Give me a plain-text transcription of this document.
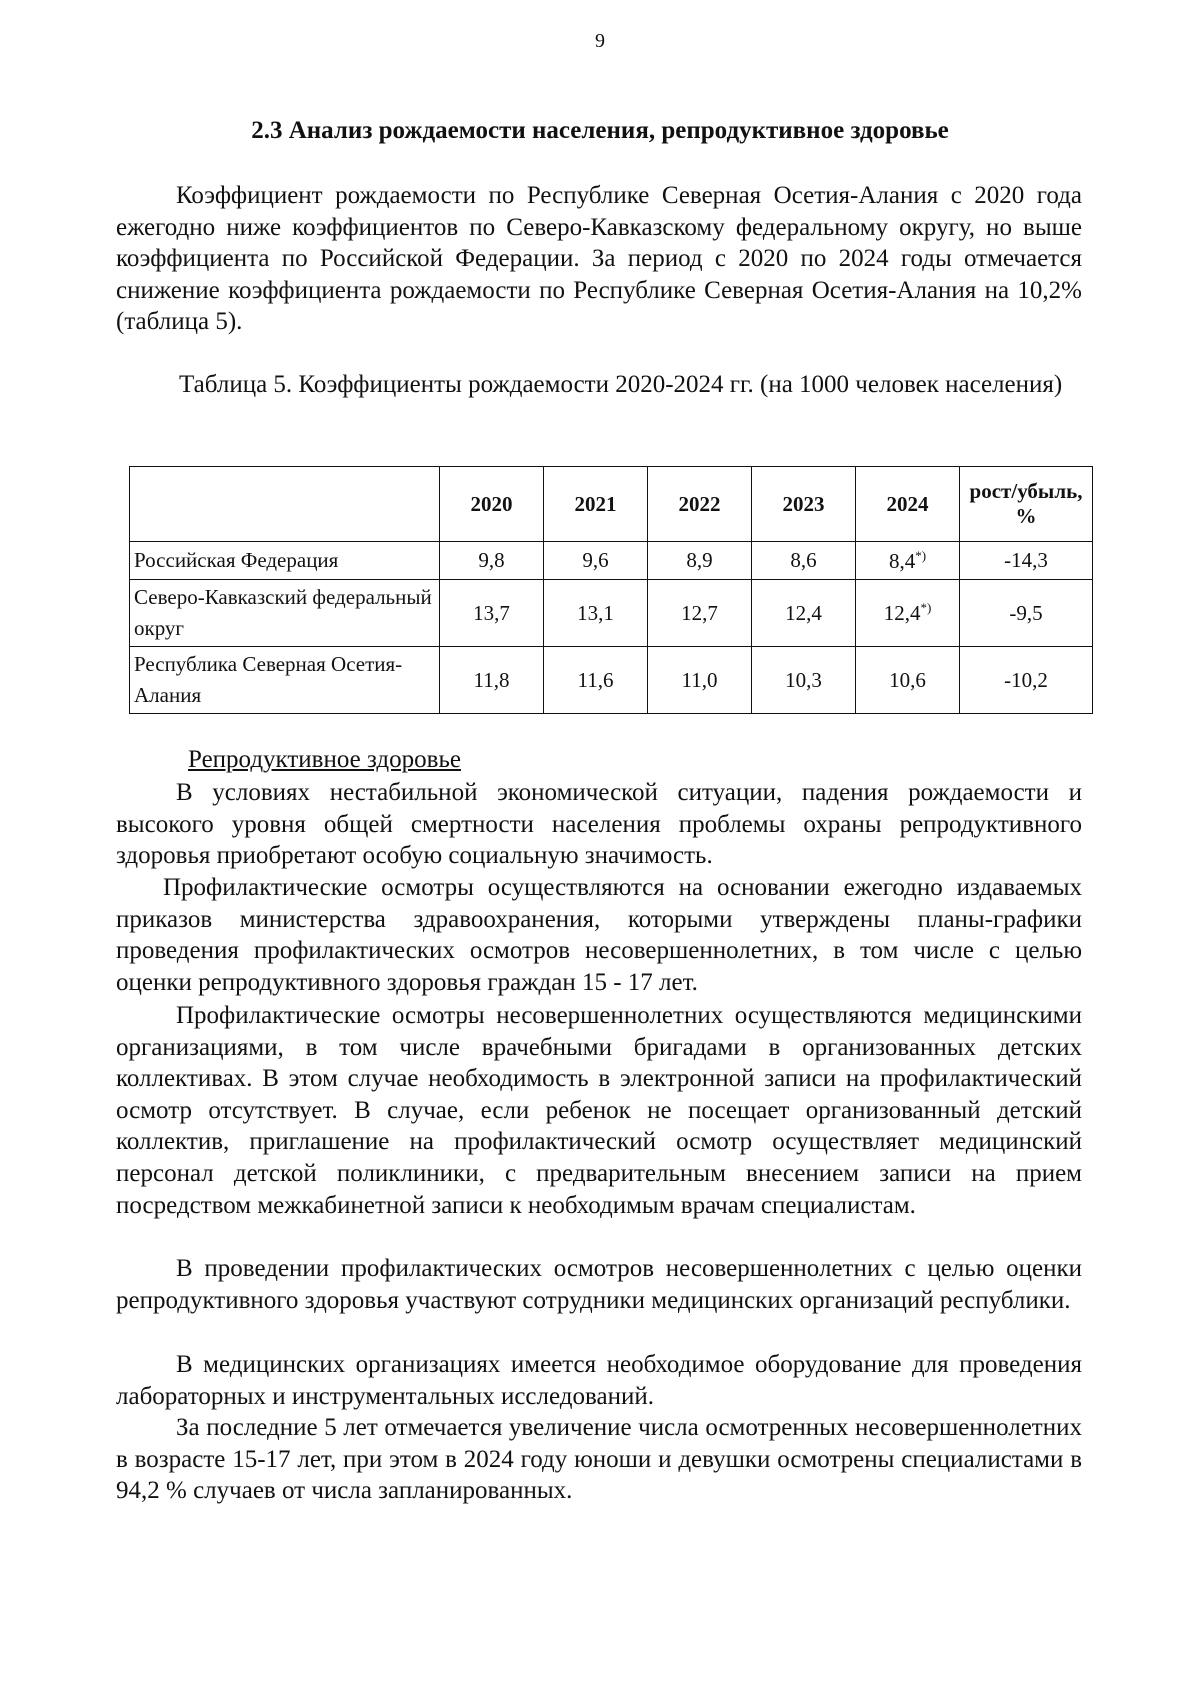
9
2.3 Анализ рождаемости населения, репродуктивное здоровье
Коэффициент рождаемости по Республике Северная Осетия-Алания с 2020 года ежегодно ниже коэффициентов по Северо-Кавказскому федеральному округу, но выше коэффициента по Российской Федерации. За период с 2020 по 2024 годы отмечается снижение коэффициента рождаемости по Республике Северная Осетия-Алания на 10,2% (таблица 5).
Таблица 5. Коэффициенты рождаемости 2020-2024 гг. (на 1000 человек населения)
	2020	2021	2022	2023	2024	рост/убыль, %
Российская Федерация	9,8	9,6	8,9	8,6	8,4*)	-14,3
Северо-Кавказский федеральный округ	13,7	13,1	12,7	12,4	12,4*)	-9,5
Республика Северная Осетия-Алания	11,8	11,6	11,0	10,3	10,6	-10,2
Репродуктивное здоровье
В условиях нестабильной экономической ситуации, падения рождаемости и высокого уровня общей смертности населения проблемы охраны репродуктивного здоровья приобретают особую социальную значимость.
Профилактические осмотры осуществляются на основании ежегодно издаваемых приказов министерства здравоохранения, которыми утверждены планы-графики проведения профилактических осмотров несовершеннолетних, в том числе с целью оценки репродуктивного здоровья граждан 15 - 17 лет.
Профилактические осмотры несовершеннолетних осуществляются медицинскими организациями, в том числе врачебными бригадами в организованных детских коллективах. В этом случае необходимость в электронной записи на профилактический осмотр отсутствует. В случае, если ребенок не посещает организованный детский коллектив, приглашение на профилактический осмотр осуществляет медицинский персонал детской поликлиники, с предварительным внесением записи на прием посредством межкабинетной записи к необходимым врачам специалистам.
В проведении профилактических осмотров несовершеннолетних с целью оценки репродуктивного здоровья участвуют сотрудники медицинских организаций республики.
В медицинских организациях имеется необходимое оборудование для проведения лабораторных и инструментальных исследований.
За последние 5 лет отмечается увеличение числа осмотренных несовершеннолетних в возрасте 15-17 лет, при этом в 2024 году юноши и девушки осмотрены специалистами в 94,2 % случаев от числа запланированных.
